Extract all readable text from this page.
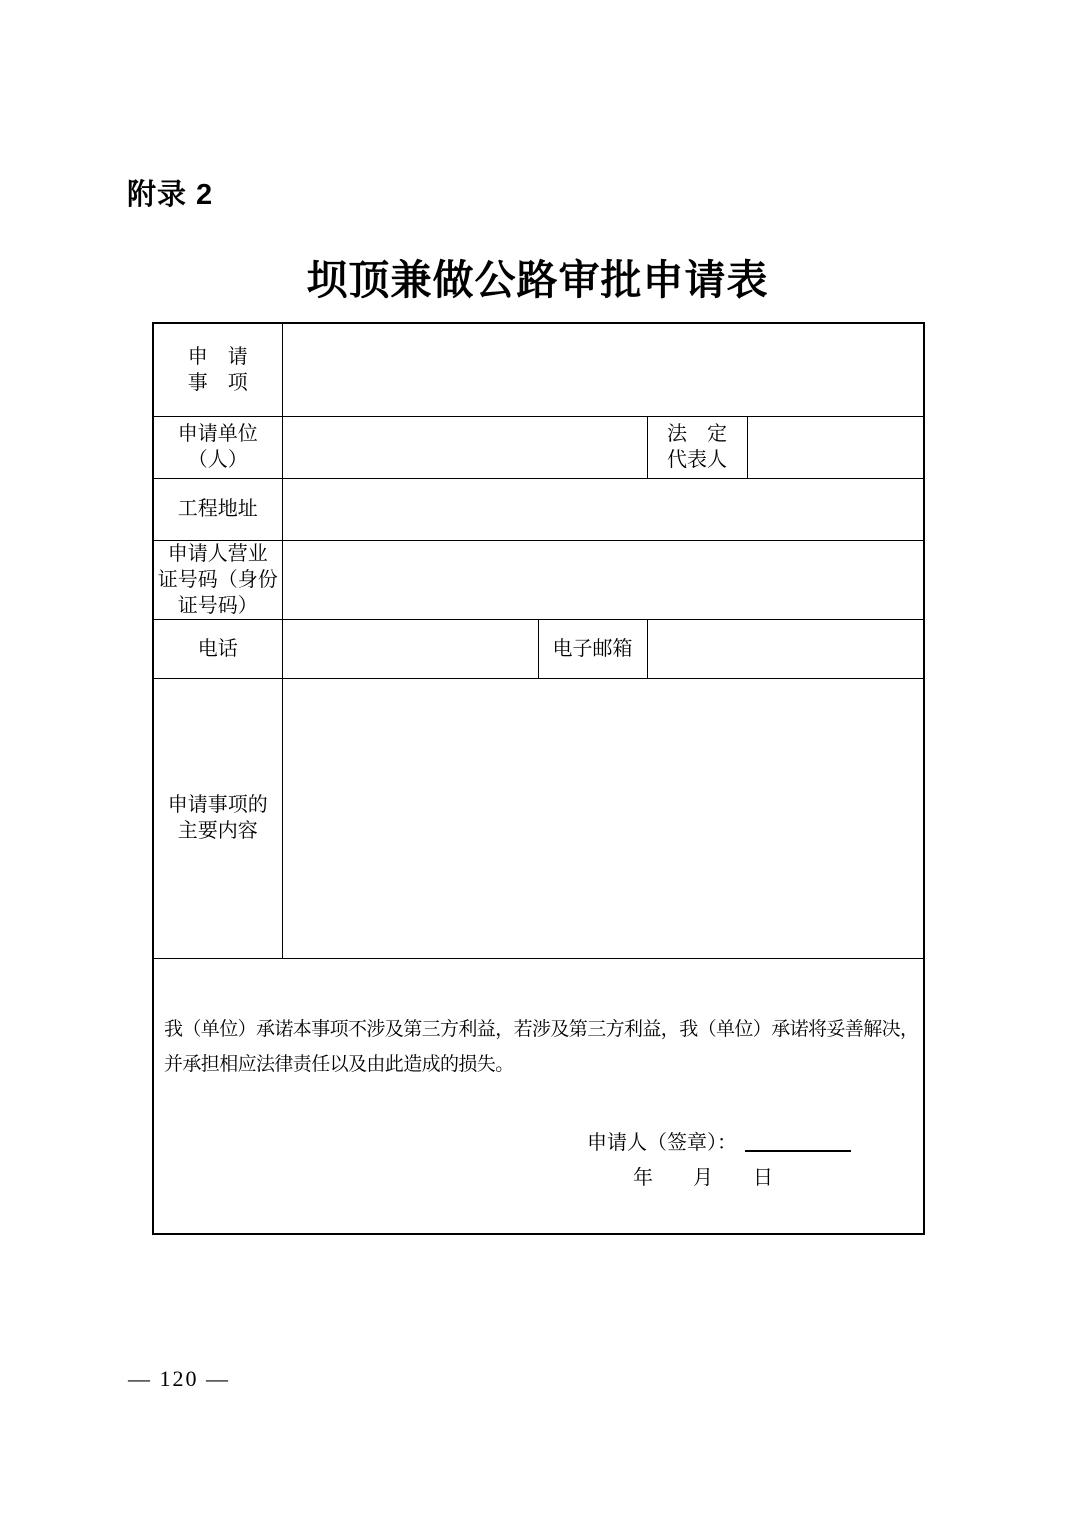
附录 2
坝顶兼做公路审批申请表
申　请
事　项				

申请单位
（人）

法　定
代表人

工程地址				

申请人营业
证号码（身份
证号码）				

电话		电子邮箱		

申请事项的
主要内容				

我（单位）承诺本事项不涉及第三方利益，若涉及第三方利益，我（单位）承诺将妥善解决，
并承担相应法律责任以及由此造成的损失。
申请人（签章）：
年　　月　　日				
— 120 —
